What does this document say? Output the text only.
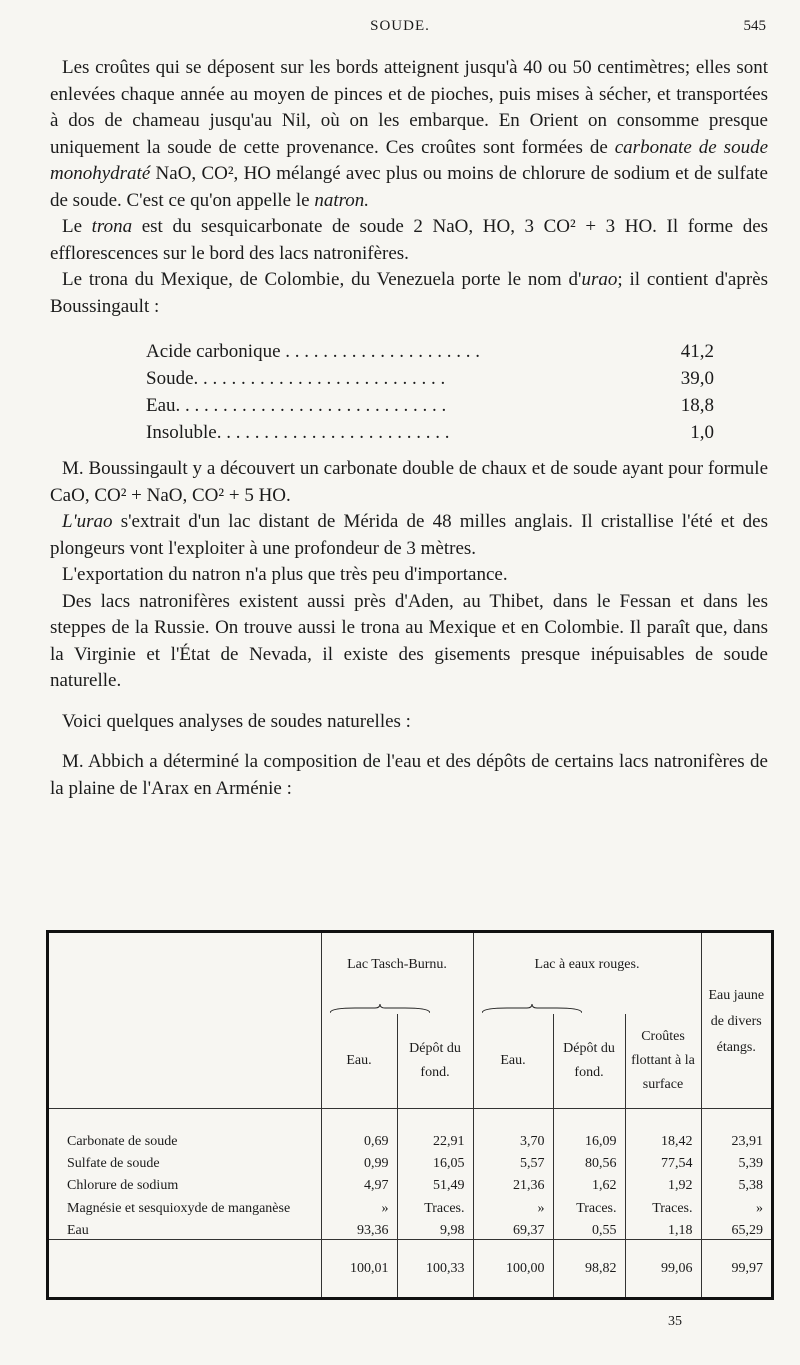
SOUDE.	545

Les croûtes qui se déposent sur les bords atteignent jusqu'à 40 ou 50 centimètres; elles sont enlevées chaque année au moyen de pinces et de pioches, puis mises à sécher, et transportées à dos de chameau jusqu'au Nil, où on les embarque. En Orient on consomme presque uniquement la soude de cette provenance. Ces croûtes sont formées de carbonate de soude monohydraté NaO, CO², HO mélangé avec plus ou moins de chlorure de sodium et de sulfate de soude. C'est ce qu'on appelle le natron.

Le trona est du sesquicarbonate de soude 2 NaO, HO, 3 CO² + 3 HO. Il forme des efflorescences sur le bord des lacs natronifères.

Le trona du Mexique, de Colombie, du Venezuela porte le nom d'urao; il contient d'après Boussingault :

Acide carbonique . . . . . . . . . . . . . . . . . . . . .	41,2
Soude. . . . . . . . . . . . . . . . . . . . . . . . . . .	39,0
Eau. . . . . . . . . . . . . . . . . . . . . . . . . . . . .	18,8
Insoluble. . . . . . . . . . . . . . . . . . . . . . . . .	1,0

M. Boussingault y a découvert un carbonate double de chaux et de soude ayant pour formule CaO, CO² + NaO, CO² + 5 HO.

L'urao s'extrait d'un lac distant de Mérida de 48 milles anglais. Il cristallise l'été et des plongeurs vont l'exploiter à une profondeur de 3 mètres.

L'exportation du natron n'a plus que très peu d'importance.

Des lacs natronifères existent aussi près d'Aden, au Thibet, dans le Fessan et dans les steppes de la Russie. On trouve aussi le trona au Mexique et en Colombie. Il paraît que, dans la Virginie et l'État de Nevada, il existe des gisements presque inépuisables de soude naturelle.

Voici quelques analyses de soudes naturelles :

M. Abbich a déterminé la composition de l'eau et des dépôts de certains lacs natronifères de la plaine de l'Arax en Arménie :

	Lac Tasch-Burnu.		Lac à eaux rouges.			Eau jaune de divers étangs.
	Eau.	Dépôt du fond.	Eau.	Dépôt du fond.	Croûtes flottant à la surface	
Carbonate de soude	0,69	22,91	3,70	16,09	18,42	23,91
Sulfate de soude	0,99	16,05	5,57	80,56	77,54	5,39
Chlorure de sodium	4,97	51,49	21,36	1,62	1,92	5,38
Magnésie et sesquioxyde de manganèse	»	Traces.	»	Traces.	Traces.	»
Eau	93,36	9,98	69,37	0,55	1,18	65,29
	100,01	100,33	100,00	98,82	99,06	99,97
35
